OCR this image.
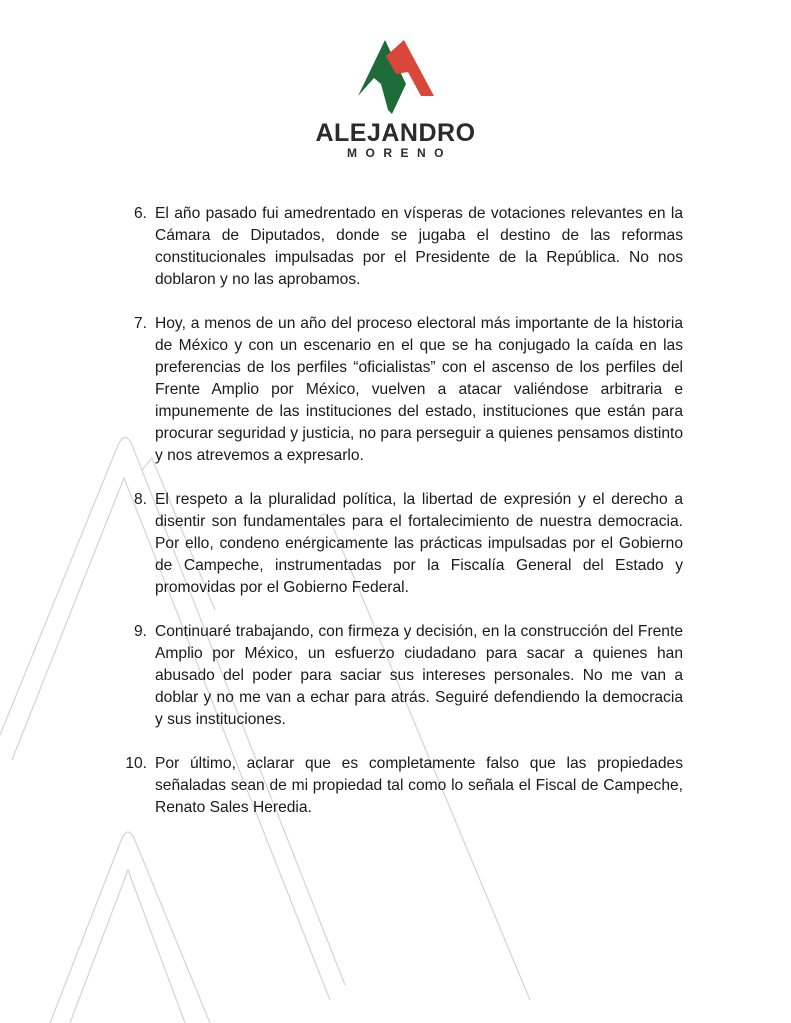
ALEJANDRO
MORENO
6. El año pasado fui amedrentado en vísperas de votaciones relevantes en la Cámara de Diputados, donde se jugaba el destino de las reformas constitucionales impulsadas por el Presidente de la República. No nos doblaron y no las aprobamos.
7. Hoy, a menos de un año del proceso electoral más importante de la historia de México y con un escenario en el que se ha conjugado la caída en las preferencias de los perfiles “oficialistas” con el ascenso de los perfiles del Frente Amplio por México, vuelven a atacar valiéndose arbitraria e impunemente de las instituciones del estado, instituciones que están para procurar seguridad y justicia, no para perseguir a quienes pensamos distinto y nos atrevemos a expresarlo.
8. El respeto a la pluralidad política, la libertad de expresión y el derecho a disentir son fundamentales para el fortalecimiento de nuestra democracia. Por ello, condeno enérgicamente las prácticas impulsadas por el Gobierno de Campeche, instrumentadas por la Fiscalía General del Estado y promovidas por el Gobierno Federal.
9. Continuaré trabajando, con firmeza y decisión, en la construcción del Frente Amplio por México, un esfuerzo ciudadano para sacar a quienes han abusado del poder para saciar sus intereses personales. No me van a doblar y no me van a echar para atrás. Seguiré defendiendo la democracia y sus instituciones.
10. Por último, aclarar que es completamente falso que las propiedades señaladas sean de mi propiedad tal como lo señala el Fiscal de Campeche, Renato Sales Heredia.
